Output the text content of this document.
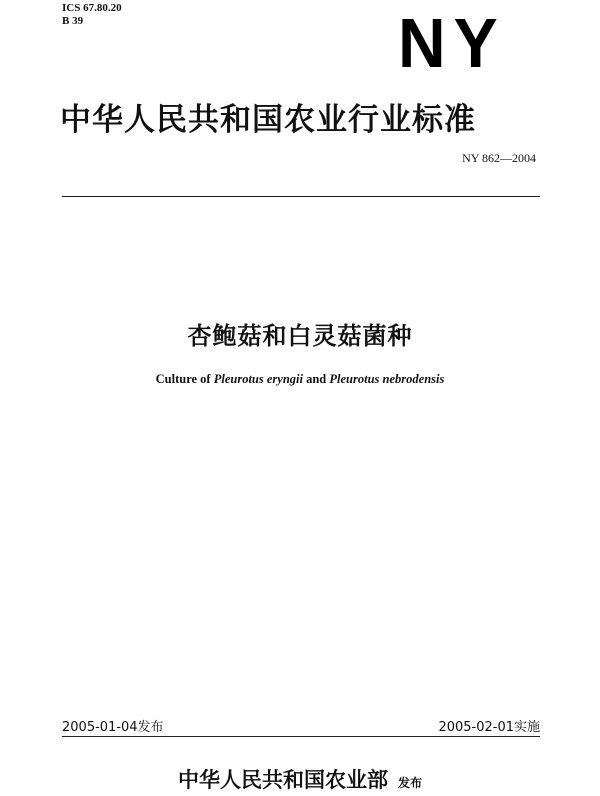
ICS 67.80.20
B 39	NY
中华人民共和国农业行业标准
NY 862—2004
杏鲍菇和白灵菇菌种
Culture of Pleurotus eryngii and Pleurotus nebrodensis
2005-01-04发布	2005-02-01实施
中华人民共和国农业部 发布
